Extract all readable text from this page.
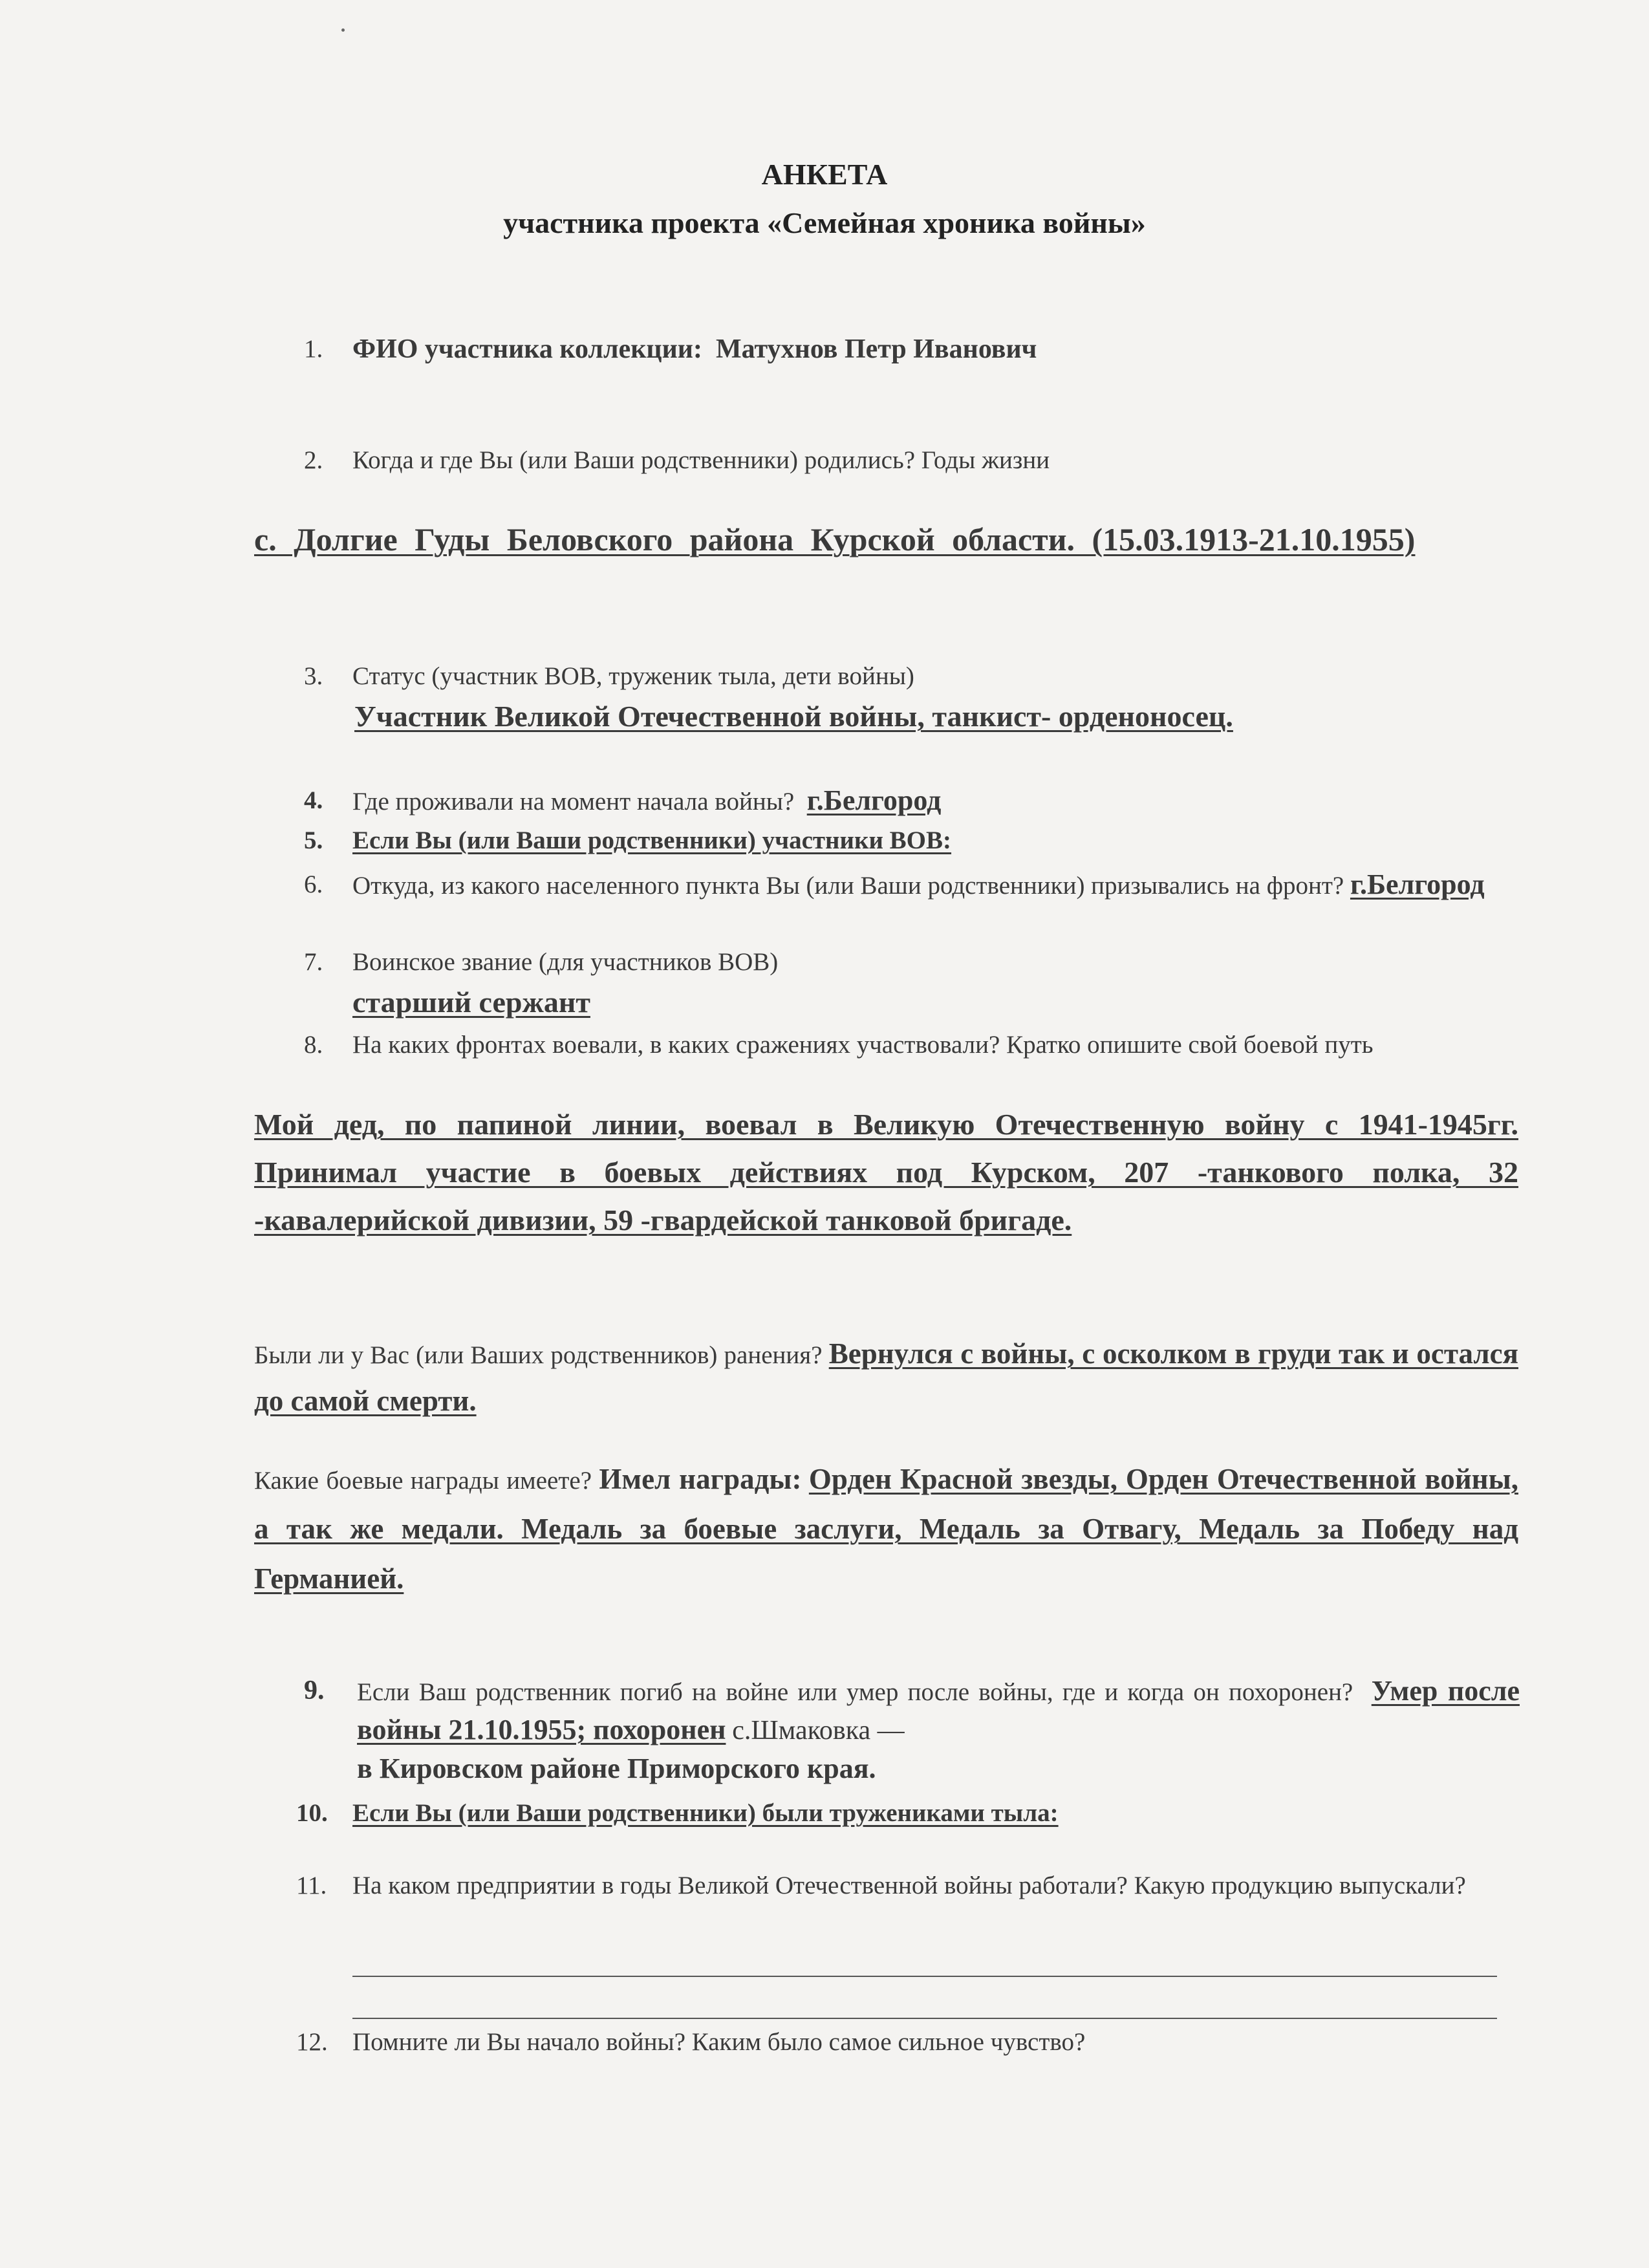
АНКЕТА
участника проекта «Семейная хроника войны»
1. ФИО участника коллекции: Матухнов Петр Иванович
2. Когда и где Вы (или Ваши родственники) родились? Годы жизни
с. Долгие Гуды Беловского района Курской области. (15.03.1913-21.10.1955)
3. Статус (участник ВОВ, труженик тыла, дети войны)
Участник Великой Отечественной войны, танкист- орденоносец.
4. Где проживали на момент начала войны? г.Белгород
5. Если Вы (или Ваши родственники) участники ВОВ:
6. Откуда, из какого населенного пункта Вы (или Ваши родственники) призывались на фронт? г.Белгород
7. Воинское звание (для участников ВОВ)
старший сержант
8. На каких фронтах воевали, в каких сражениях участвовали? Кратко опишите свой боевой путь
Мой дед, по папиной линии, воевал в Великую Отечественную войну с 1941-1945гг. Принимал участие в боевых действиях под Курском, 207 -танкового полка, 32 -кавалерийской дивизии, 59 -гвардейской танковой бригаде.
Были ли у Вас (или Ваших родственников) ранения? Вернулся с войны, с осколком в груди так и остался до самой смерти.
Какие боевые награды имеете? Имел награды: Орден Красной звезды, Орден Отечественной войны, а так же медали. Медаль за боевые заслуги, Медаль за Отвагу, Медаль за Победу над Германией.
9. Если Ваш родственник погиб на войне или умер после войны, где и когда он похоронен? Умер после войны 21.10.1955; похоронен с.Шмаковка —
в Кировском районе Приморского края.
10. Если Вы (или Ваши родственники) были тружениками тыла:
11. На каком предприятии в годы Великой Отечественной войны работали? Какую продукцию выпускали?
12. Помните ли Вы начало войны? Каким было самое сильное чувство?
